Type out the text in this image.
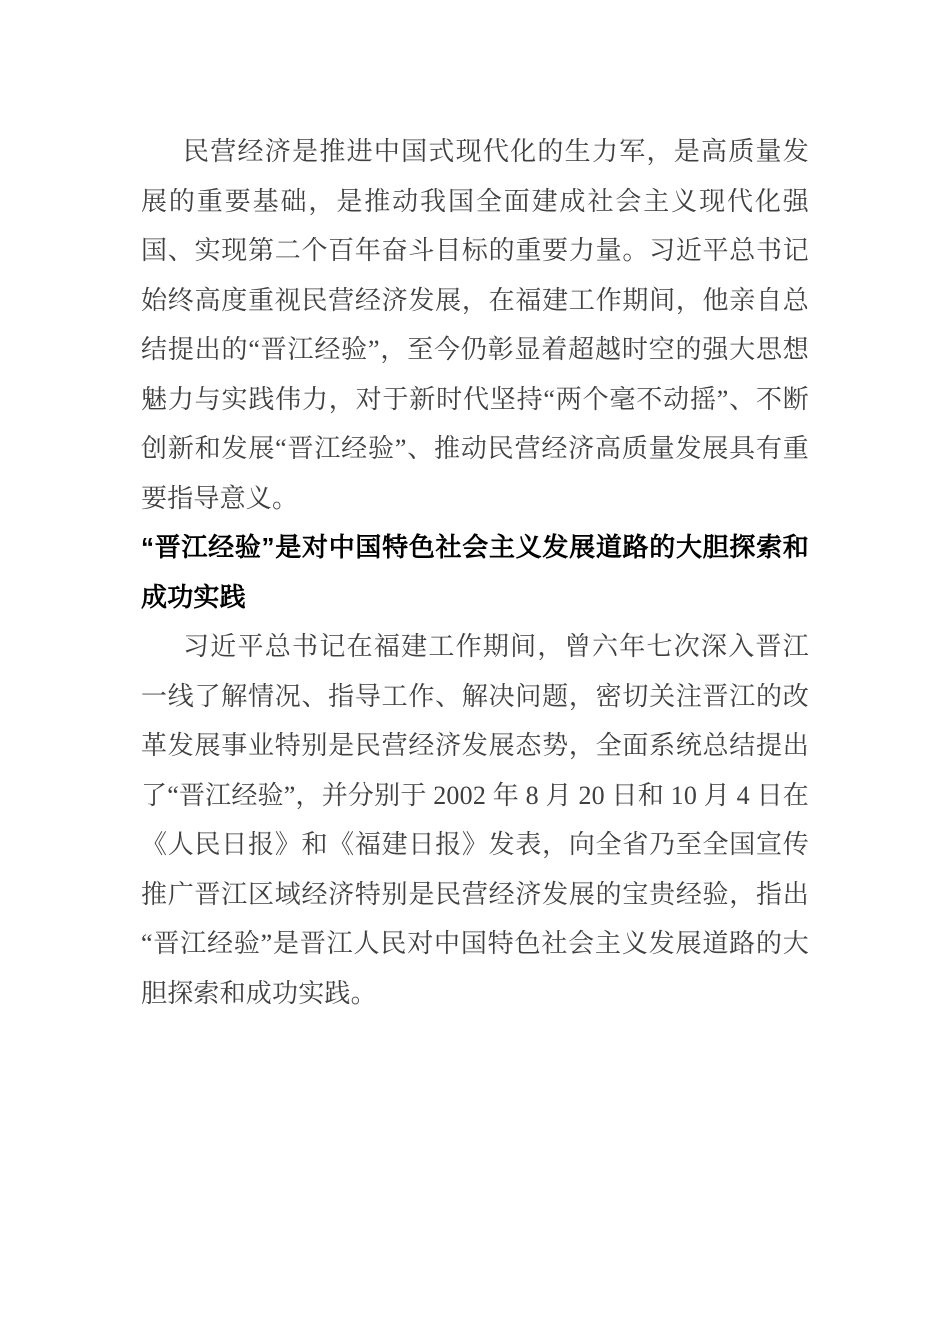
民营经济是推进中国式现代化的生力军，是高质量发展的重要基础，是推动我国全面建成社会主义现代化强国、实现第二个百年奋斗目标的重要力量。习近平总书记始终高度重视民营经济发展，在福建工作期间，他亲自总结提出的“晋江经验”，至今仍彰显着超越时空的强大思想魅力与实践伟力，对于新时代坚持“两个毫不动摇”、不断创新和发展“晋江经验”、推动民营经济高质量发展具有重要指导意义。

“晋江经验”是对中国特色社会主义发展道路的大胆探索和成功实践

习近平总书记在福建工作期间，曾六年七次深入晋江一线了解情况、指导工作、解决问题，密切关注晋江的改革发展事业特别是民营经济发展态势，全面系统总结提出了“晋江经验”，并分别于 2002 年 8 月 20 日和 10 月 4 日在《人民日报》和《福建日报》发表，向全省乃至全国宣传推广晋江区域经济特别是民营经济发展的宝贵经验，指出“晋江经验”是晋江人民对中国特色社会主义发展道路的大胆探索和成功实践。
